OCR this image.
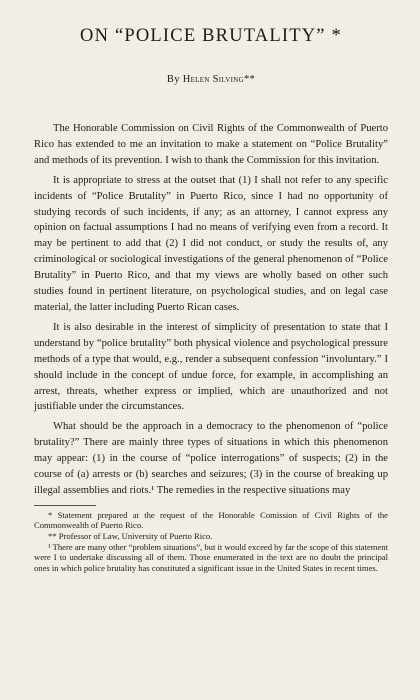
ON “POLICE BRUTALITY” *
By Helen Silving**

The Honorable Commission on Civil Rights of the Commonwealth of Puerto Rico has extended to me an invitation to make a statement on “Police Brutality” and methods of its prevention. I wish to thank the Commission for this invitation.

It is appropriate to stress at the outset that (1) I shall not refer to any specific incidents of “Police Brutality” in Puerto Rico, since I had no opportunity of studying records of such incidents, if any; as an attorney, I cannot express any opinion on factual assumptions I had no means of verifying even from a record. It may be pertinent to add that (2) I did not conduct, or study the results of, any criminological or sociological investigations of the general phenomenon of “Police Brutality” in Puerto Rico, and that my views are wholly based on other such studies found in pertinent literature, on psychological studies, and on legal case material, the latter including Puerto Rican cases.

It is also desirable in the interest of simplicity of presentation to state that I understand by “police brutality” both physical violence and psychological pressure methods of a type that would, e.g., render a subsequent confession “involuntary.” I should include in the concept of undue force, for example, in accomplishing an arrest, threats, whether express or implied, which are unauthorized and not justifiable under the circumstances.

What should be the approach in a democracy to the phenomenon of “police brutality?” There are mainly three types of situations in which this phenomenon may appear: (1) in the course of “police interrogations” of suspects; (2) in the course of (a) arrests or (b) searches and seizures; (3) in the course of breaking up illegal assemblies and riots.¹ The remedies in the respective situations may

* Statement prepared at the request of the Honorable Comission of Civil Rights of the Commonwealth of Puerto Rico.

** Professor of Law, University of Puerto Rico.

¹ There are many other “problem situations”, but it would exceed by far the scope of this statement were I to undertake discussing all of them. Those enumerated in the text are no doubt the principal ones in which police brutality has constituted a significant issue in the United States in recent times.
